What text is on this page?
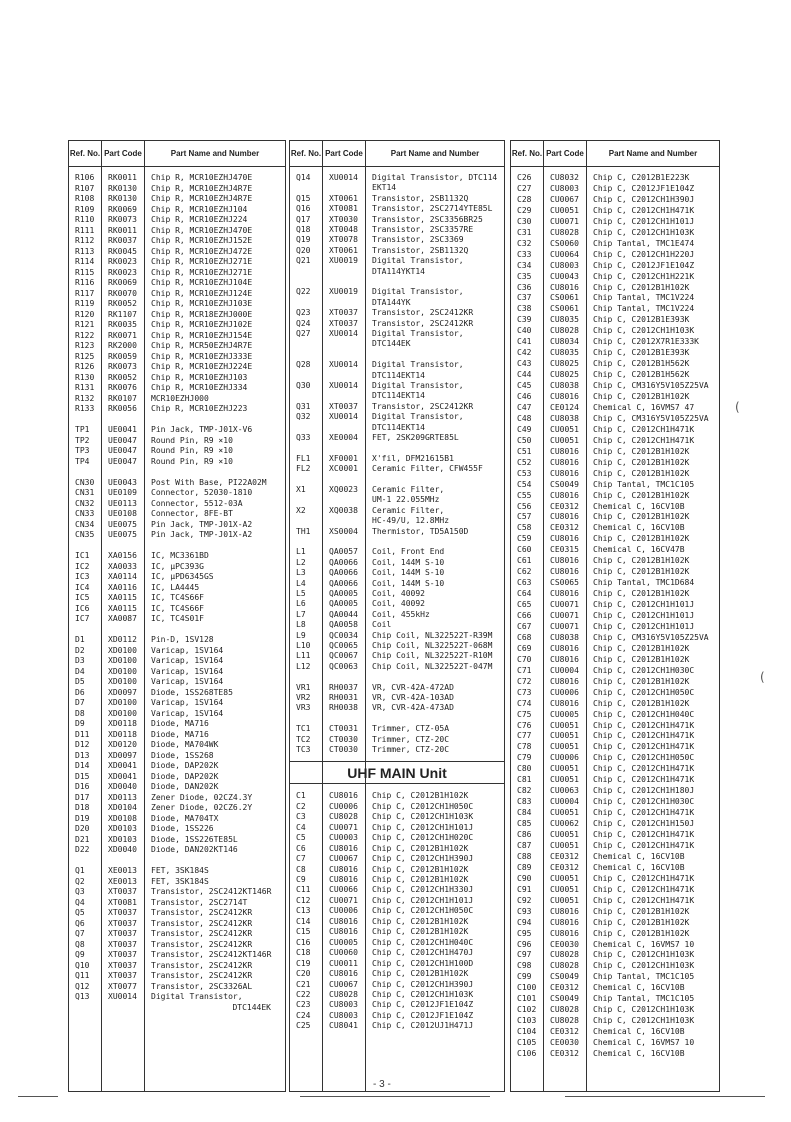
Ref. No. Part Code	Part Name and Number
R106 RK0011 Chip R, MCR10EZHJ470E
R107 RK0130 Chip R, MCR10EZHJ4R7E
R108 RK0130 Chip R, MCR10EZHJ4R7E
R109 RK0069 Chip R, MCR10EZHJ104
R110 RK0073 Chip R, MCR10EZHJ224
R111 RK0011 Chip R, MCR10EZHJ470E
R112 RK0037 Chip R, MCR10EZHJ152E
R113 RK0045 Chip R, MCR10EZHJ472E
R114 RK0023 Chip R, MCR10EZHJ271E
R115 RK0023 Chip R, MCR10EZHJ271E
R116 RK0069 Chip R, MCR10EZHJ104E
R117 RK0070 Chip R, MCR10EZHJ124E
R119 RK0052 Chip R, MCR10EZHJ103E
R120 RK1107 Chip R, MCR18EZHJ000E
R121 RK0035 Chip R, MCR10EZHJ102E
R122 RK0071 Chip R, MCR10EZHJ154E
R123 RK2000 Chip R, MCR50EZHJ4R7E
R125 RK0059 Chip R, MCR10EZHJ333E
R126 RK0073 Chip R, MCR10EZHJ224E
R130 RK0052 Chip R, MCR10EZHJ103
R131 RK0076 Chip R, MCR10EZHJ334
R132 RK0107 MCR10EZHJ000
R133 RK0056 Chip R, MCR10EZHJ223
TP1 UE0041 Pin Jack, TMP-J01X-V6
TP2 UE0047 Round Pin, R9 ×10
TP3 UE0047 Round Pin, R9 ×10
TP4 UE0047 Round Pin, R9 ×10
CN30 UE0043 Post With Base, PI22A02M
CN31 UE0109 Connector, 52030-1810
CN32 UE0113 Connector, 5512-03A
CN33 UE0108 Connector, 8FE-BT
CN34 UE0075 Pin Jack, TMP-J01X-A2
CN35 UE0075 Pin Jack, TMP-J01X-A2
IC1 XA0156 IC, MC3361BD
IC2 XA0033 IC, μPC393G
IC3 XA0114 IC, μPD6345GS
IC4 XA0116 IC, LA4445
IC5 XA0115 IC, TC4S66F
IC6 XA0115 IC, TC4S66F
IC7 XA0087 IC, TC4S01F
D1	XD0112 Pin-D, 1SV128
D2	XD0100 Varicap, 1SV164
D3	XD0100 Varicap, 1SV164
D4	XD0100 Varicap, 1SV164
D5	XD0100 Varicap, 1SV164
D6	XD0097 Diode, 1SS268TE85
D7	XD0100 Varicap, 1SV164
D8	XD0100 Varicap, 1SV164
D9	XD0118 Diode, MA716
D11 XD0118 Diode, MA716
D12 XD0120 Diode, MA704WK
D13 XD0097 Diode, 1SS268
D14 XD0041 Diode, DAP202K
D15 XD0041 Diode, DAP202K
D16 XD0040 Diode, DAN202K
D17 XD0113 Zener Diode, 02CZ4.3Y
D18 XD0104 Zener Diode, 02CZ6.2Y
D19 XD0108 Diode, MA704TX
D20 XD0103 Diode, 1SS226
D21 XD0103 Diode, 1SS226TE85L
D22 XD0040 Diode, DAN202KT146
Q1	XE0013 FET, 3SK184S
Q2	XE0013 FET, 3SK184S
Q3	XT0037 Transistor, 2SC2412KT146R
Q4	XT0081 Transistor, 2SC2714T
Q5	XT0037 Transistor, 2SC2412KR
Q6	XT0037 Transistor, 2SC2412KR
Q7	XT0037 Transistor, 2SC2412KR
Q8	XT0037 Transistor, 2SC2412KR
Q9	XT0037 Transistor, 2SC2412KT146R
Q10 XT0037 Transistor, 2SC2412KR
Q11 XT0037 Transistor, 2SC2412KR
Q12 XT0077 Transistor, 2SC3326AL
Q13 XU0014 Digital Transistor,
DTC144EK
Ref. No. Part Code	Part Name and Number
Q14 XU0014 Digital Transistor, DTC114
EKT14
Q15 XT0061 Transistor, 2SB1132Q
Q16 XT0081 Transistor, 2SC2714YTE85L
Q17 XT0030 Transistor, 2SC3356BR25
Q18 XT0048 Transistor, 2SC3357RE
Q19 XT0078 Transistor, 2SC3369
Q20 XT0061 Transistor, 2SB1132Q
Q21 XU0019 Digital Transistor,
DTA114YKT14
Q22 XU0019 Digital Transistor,
DTA144YK
Q23 XT0037 Transistor, 2SC2412KR
Q24 XT0037 Transistor, 2SC2412KR
Q27 XU0014 Digital Transistor,
DTC144EK
Q28 XU0014 Digital Transistor,
DTC114EKT14
Q30 XU0014 Digital Transistor,
DTC114EKT14
Q31 XT0037 Transistor, 2SC2412KR
Q32 XU0014 Digital Transistor,
DTC114EKT14
Q33 XE0004 FET, 2SK209GRTE85L
FL1 XF0001 X'fil, DFM21615B1
FL2 XC0001 Ceramic Filter, CFW455F
X1	XQ0023 Ceramic Filter,
UM-1 22.055MHz
X2	XQ0038 Ceramic Filter,
HC-49/U, 12.8MHz
TH1 XS0004 Thermistor, TD5A150D
L1	QA0057 Coil, Front End
L2	QA0066 Coil, 144M S-10
L3	QA0066 Coil, 144M S-10
L4	QA0066 Coil, 144M S-10
L5	QA0005 Coil, 40092
L6	QA0005 Coil, 40092
L7	QA0044 Coil, 455kHz
L8	QA0058 Coil
L9	QC0034 Chip Coil, NL322522T-R39M
L10 QC0065 Chip Coil, NL322522T-068M
L11 QC0067 Chip Coil, NL322522T-R10M
L12 QC0063 Chip Coil, NL322522T-047M
VR1 RH0037 VR, CVR-42A-472AD
VR2 RH0031 VR, CVR-42A-103AD
VR3 RH0038 VR, CVR-42A-473AD
TC1 CT0031 Trimmer, CTZ-05A
TC2 CT0030 Trimmer, CTZ-20C
TC3 CT0030 Trimmer, CTZ-20C
UHF MAIN Unit
C1	CU8016 Chip C, C2012B1H102K
C2	CU0006 Chip C, C2012CH1H050C
C3	CU8028 Chip C, C2012CH1H103K
C4	CU0071 Chip C, C2012CH1H101J
C5	CU0003 Chip C, C2012CH1H020C
C6	CU8016 Chip C, C2012B1H102K
C7	CU0067 Chip C, C2012CH1H390J
C8	CU8016 Chip C, C2012B1H102K
C9	CU8016 Chip C, C2012B1H102K
C11 CU0066 Chip C, C2012CH1H330J
C12 CU0071 Chip C, C2012CH1H101J
C13 CU0006 Chip C, C2012CH1H050C
C14 CU8016 Chip C, C2012B1H102K
C15 CU8016 Chip C, C2012B1H102K
C16 CU0005 Chip C, C2012CH1H040C
C18 CU0060 Chip C, C2012CH1H470J
C19 CU0011 Chip C, C2012CH1H100D
C20 CU8016 Chip C, C2012B1H102K
C21 CU0067 Chip C, C2012CH1H390J
C22 CU8028 Chip C, C2012CH1H103K
C23 CU8003 Chip C, C2012JF1E104Z
C24 CU8003 Chip C, C2012JF1E104Z
C25 CU8041 Chip C, C2012UJ1H471J
Ref. No. Part Code	Part Name and Number
C26 CU8032 Chip C, C2012B1E223K
C27 CU8003 Chip C, C2012JF1E104Z
C28 CU0067 Chip C, C2012CH1H390J
C29 CU0051 Chip C, C2012CH1H471K
C30 CU0071 Chip C, C2012CH1H101J
C31 CU8028 Chip C, C2012CH1H103K
C32 CS0060 Chip Tantal, TMC1E474
C33 CU0064 Chip C, C2012CH1H220J
C34 CU8003 Chip C, C2012JF1E104Z
C35 CU0043 Chip C, C2012CH1H221K
C36 CU8016 Chip C, C2012B1H102K
C37 CS0061 Chip Tantal, TMC1V224
C38 CS0061 Chip Tantal, TMC1V224
C39 CU8035 Chip C, C2012B1E393K
C40 CU8028 Chip C, C2012CH1H103K
C41 CU8034 Chip C, C2012X7R1E333K
C42 CU8035 Chip C, C2012B1E393K
C43 CU8025 Chip C, C2012B1H562K
C44 CU8025 Chip C, C2012B1H562K
C45 CU8038 Chip C, CM316Y5V105Z25VA
C46 CU8016 Chip C, C2012B1H102K
C47 CE0124 Chemical C, 16VMS7 47
C48 CU8038 Chip C, CM316Y5V105Z25VA
C49 CU0051 Chip C, C2012CH1H471K
C50 CU0051 Chip C, C2012CH1H471K
C51 CU8016 Chip C, C2012B1H102K
C52 CU8016 Chip C, C2012B1H102K
C53 CU8016 Chip C, C2012B1H102K
C54 CS0049 Chip Tantal, TMC1C105
C55 CU8016 Chip C, C2012B1H102K
C56 CE0312 Chemical C, 16CV10B
C57 CU8016 Chip C, C2012B1H102K
C58 CE0312 Chemical C, 16CV10B
C59 CU8016 Chip C, C2012B1H102K
C60 CE0315 Chemical C, 16CV47B
C61 CU8016 Chip C, C2012B1H102K
C62 CU8016 Chip C, C2012B1H102K
C63 CS0065 Chip Tantal, TMC1D684
C64 CU8016 Chip C, C2012B1H102K
C65 CU0071 Chip C, C2012CH1H101J
C66 CU0071 Chip C, C2012CH1H101J
C67 CU0071 Chip C, C2012CH1H101J
C68 CU8038 Chip C, CM316Y5V105Z25VA
C69 CU8016 Chip C, C2012B1H102K
C70 CU8016 Chip C, C2012B1H102K
C71 CU0004 Chip C, C2012CH1H030C
C72 CU8016 Chip C, C2012B1H102K
C73 CU0006 Chip C, C2012CH1H050C
C74 CU8016 Chip C, C2012B1H102K
C75 CU0005 Chip C, C2012CH1H040C
C76 CU0051 Chip C, C2012CH1H471K
C77 CU0051 Chip C, C2012CH1H471K
C78 CU0051 Chip C, C2012CH1H471K
C79 CU0006 Chip C, C2012CH1H050C
C80 CU0051 Chip C, C2012CH1H471K
C81 CU0051 Chip C, C2012CH1H471K
C82 CU0063 Chip C, C2012CH1H180J
C83 CU0004 Chip C, C2012CH1H030C
C84 CU0051 Chip C, C2012CH1H471K
C85 CU0062 Chip C, C2012CH1H150J
C86 CU0051 Chip C, C2012CH1H471K
C87 CU0051 Chip C, C2012CH1H471K
C88 CE0312 Chemical C, 16CV10B
C89 CE0312 Chemical C, 16CV10B
C90 CU0051 Chip C, C2012CH1H471K
C91 CU0051 Chip C, C2012CH1H471K
C92 CU0051 Chip C, C2012CH1H471K
C93 CU8016 Chip C, C2012B1H102K
C94 CU8016 Chip C, C2012B1H102K
C95 CU8016 Chip C, C2012B1H102K
C96 CE0030 Chemical C, 16VMS7 10
C97 CU8028 Chip C, C2012CH1H103K
C98 CU8028 Chip C, C2012CH1H103K
C99 CS0049 Chip Tantal, TMC1C105
C100 CE0312 Chemical C, 16CV10B
C101 CS0049 Chip Tantal, TMC1C105
C102 CU8028 Chip C, C2012CH1H103K
C103 CU8028 Chip C, C2012CH1H103K
C104 CE0312 Chemical C, 16CV10B
C105 CE0030 Chemical C, 16VMS7 10
C106 CE0312 Chemical C, 16CV10B
- 3 -
(
(
